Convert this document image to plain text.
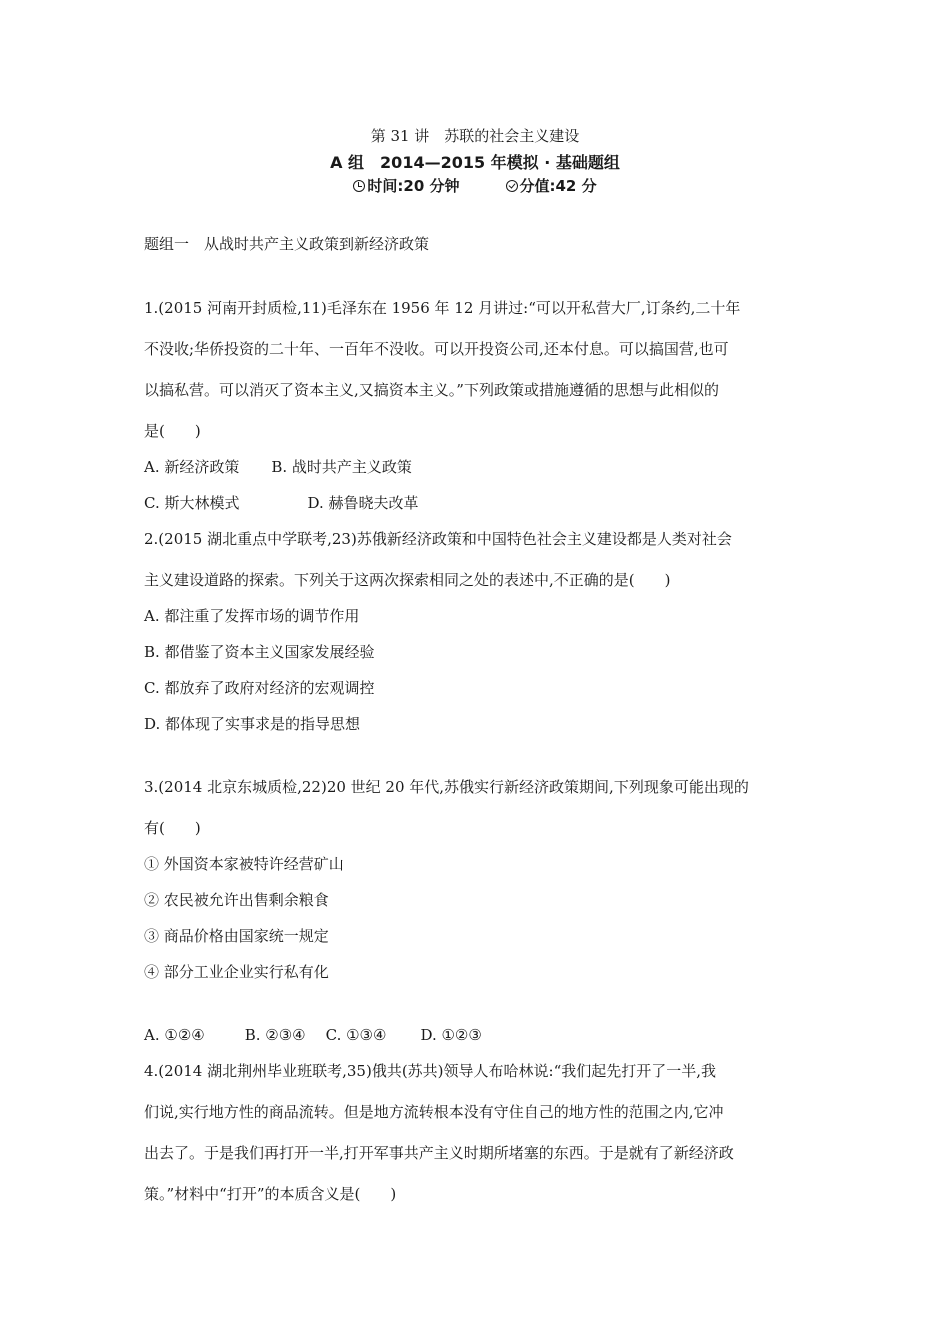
第 31 讲　苏联的社会主义建设
A 组　2014—2015 年模拟 · 基础题组
时间:20 分钟	分值:42 分
题组一　从战时共产主义政策到新经济政策
1.(2015 河南开封质检,11)毛泽东在 1956 年 12 月讲过:“可以开私营大厂,订条约,二十年
不没收;华侨投资的二十年、一百年不没收。可以开投资公司,还本付息。可以搞国营,也可
以搞私营。可以消灭了资本主义,又搞资本主义。”下列政策或措施遵循的思想与此相似的
是(　　)
A. 新经济政策 B. 战时共产主义政策
C. 斯大林模式	D. 赫鲁晓夫改革
2.(2015 湖北重点中学联考,23)苏俄新经济政策和中国特色社会主义建设都是人类对社会
主义建设道路的探索。下列关于这两次探索相同之处的表述中,不正确的是(　　)
A. 都注重了发挥市场的调节作用
B. 都借鉴了资本主义国家发展经验
C. 都放弃了政府对经济的宏观调控
D. 都体现了实事求是的指导思想
3.(2014 北京东城质检,22)20 世纪 20 年代,苏俄实行新经济政策期间,下列现象可能出现的
有(　　)
① 外国资本家被特许经营矿山
② 农民被允许出售剩余粮食
③ 商品价格由国家统一规定
④ 部分工业企业实行私有化
A. ①②④	B. ②③④ C. ①③④ D. ①②③
4.(2014 湖北荆州毕业班联考,35)俄共(苏共)领导人布哈林说:“我们起先打开了一半,我
们说,实行地方性的商品流转。但是地方流转根本没有守住自己的地方性的范围之内,它冲
出去了。于是我们再打开一半,打开军事共产主义时期所堵塞的东西。于是就有了新经济政
策。”材料中“打开”的本质含义是(　　)
